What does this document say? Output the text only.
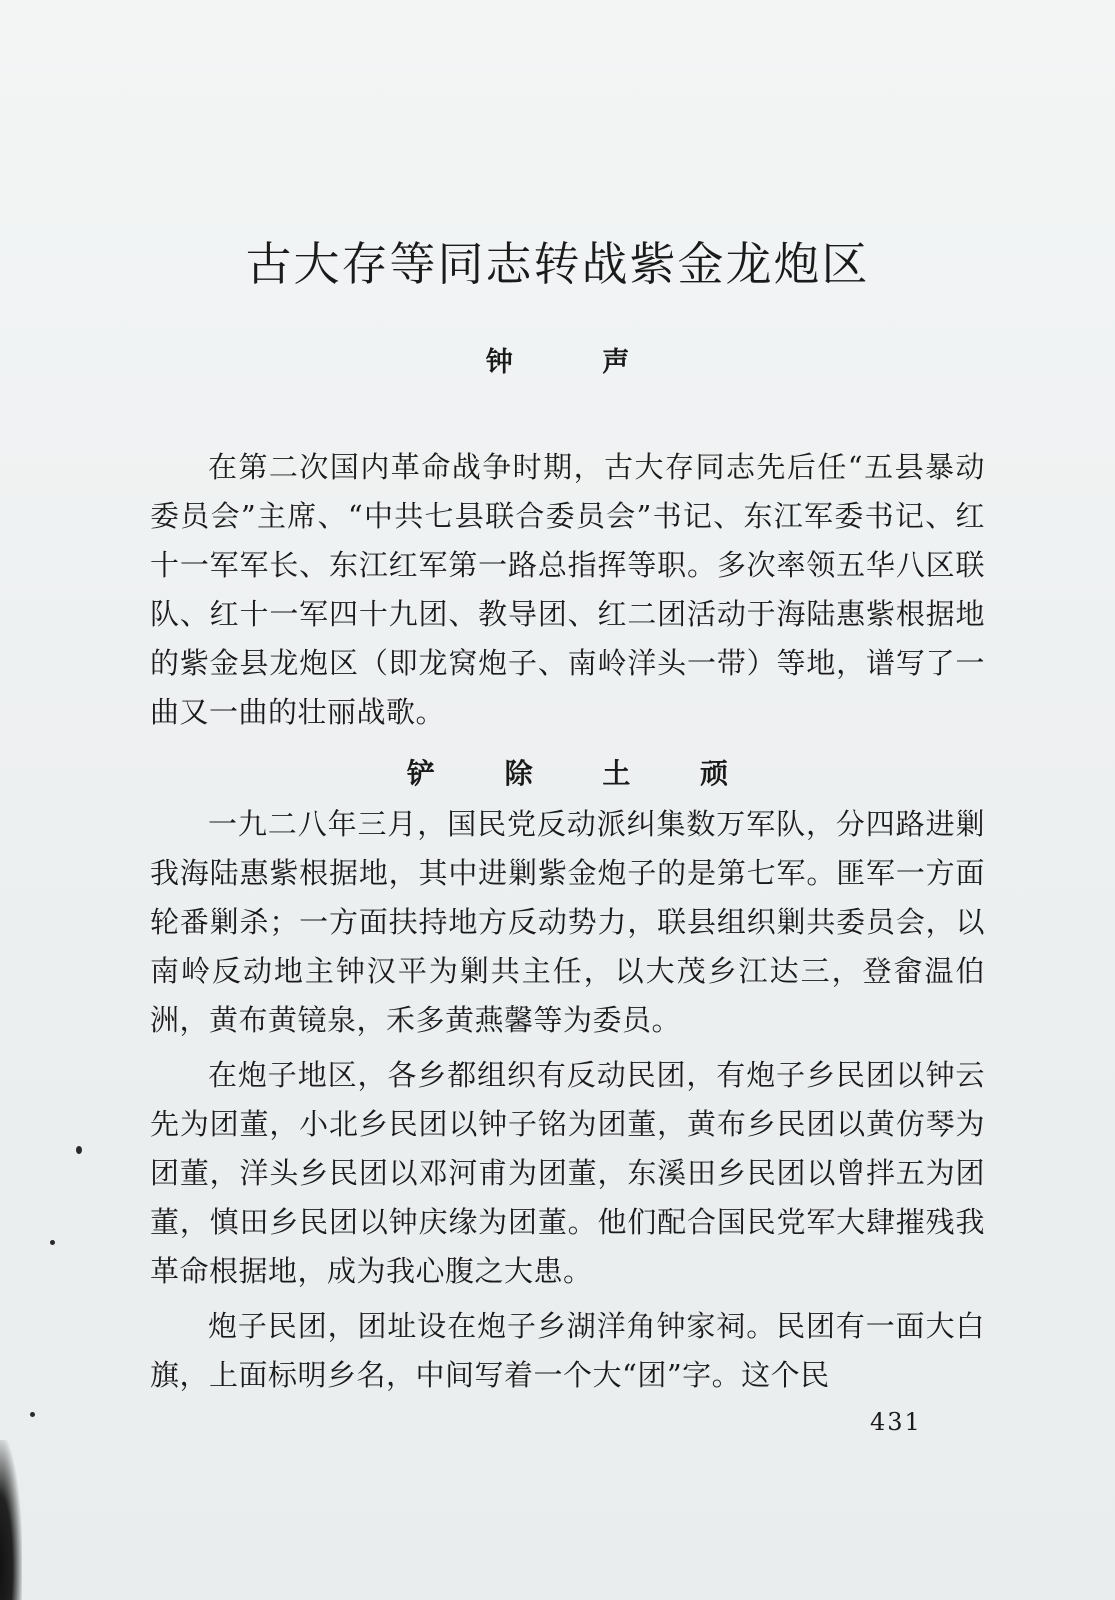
古大存等同志转战紫金龙炮区
钟 声

在第二次国内革命战争时期，古大存同志先后任“五县暴动委员会”主席、“中共七县联合委员会”书记、东江军委书记、红十一军军长、东江红军第一路总指挥等职。多次率领五华八区联队、红十一军四十九团、教导团、红二团活动于海陆惠紫根据地的紫金县龙炮区（即龙窝炮子、南岭洋头一带）等地，谱写了一曲又一曲的壮丽战歌。

铲 除 土 顽

一九二八年三月，国民党反动派纠集数万军队，分四路进剿我海陆惠紫根据地，其中进剿紫金炮子的是第七军。匪军一方面轮番剿杀；一方面扶持地方反动势力，联县组织剿共委员会，以南岭反动地主钟汉平为剿共主任，以大茂乡江达三，登畲温伯洲，黄布黄镜泉，禾多黄燕馨等为委员。

在炮子地区，各乡都组织有反动民团，有炮子乡民团以钟云先为团董，小北乡民团以钟子铭为团董，黄布乡民团以黄仿琴为团董，洋头乡民团以邓河甫为团董，东溪田乡民团以曾拌五为团董，慎田乡民团以钟庆缘为团董。他们配合国民党军大肆摧残我革命根据地，成为我心腹之大患。

炮子民团，团址设在炮子乡湖洋角钟家祠。民团有一面大白旗，上面标明乡名，中间写着一个大“团”字。这个民

431
